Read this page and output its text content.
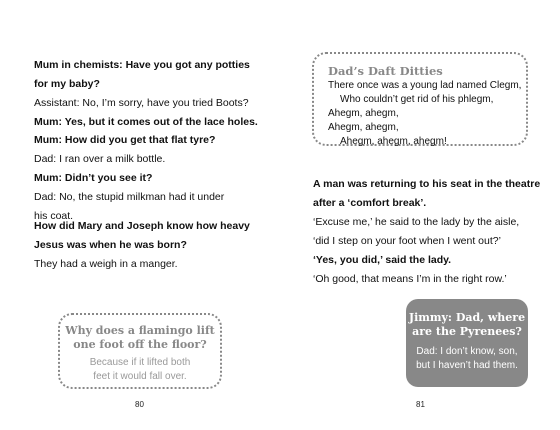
Mum in chemists: Have you got any potties

for my baby?

Assistant: No, I’m sorry, have you tried Boots?

Mum: Yes, but it comes out of the lace holes.

Mum: How did you get that flat tyre?

Dad: I ran over a milk bottle.

Mum: Didn’t you see it?

Dad: No, the stupid milkman had it under

his coat.

How did Mary and Joseph know how heavy

Jesus was when he was born?

They had a weigh in a manger.

Why does a flamingo lift
one foot off the floor?
Because if it lifted both
feet it would fall over.
80
Dad’s Daft Ditties
There once was a young lad named Clegm,
Who couldn’t get rid of his phlegm,
Ahegm, ahegm,
Ahegm, ahegm,
Ahegm, ahegm, ahegm!

A man was returning to his seat in the theatre

after a ‘comfort break’.

‘Excuse me,’ he said to the lady by the aisle,

‘did I step on your foot when I went out?’

‘Yes, you did,’ said the lady.

‘Oh good, that means I’m in the right row.’

Jimmy: Dad, where
are the Pyrenees?
Dad: I don’t know, son,
but I haven’t had them.
81
